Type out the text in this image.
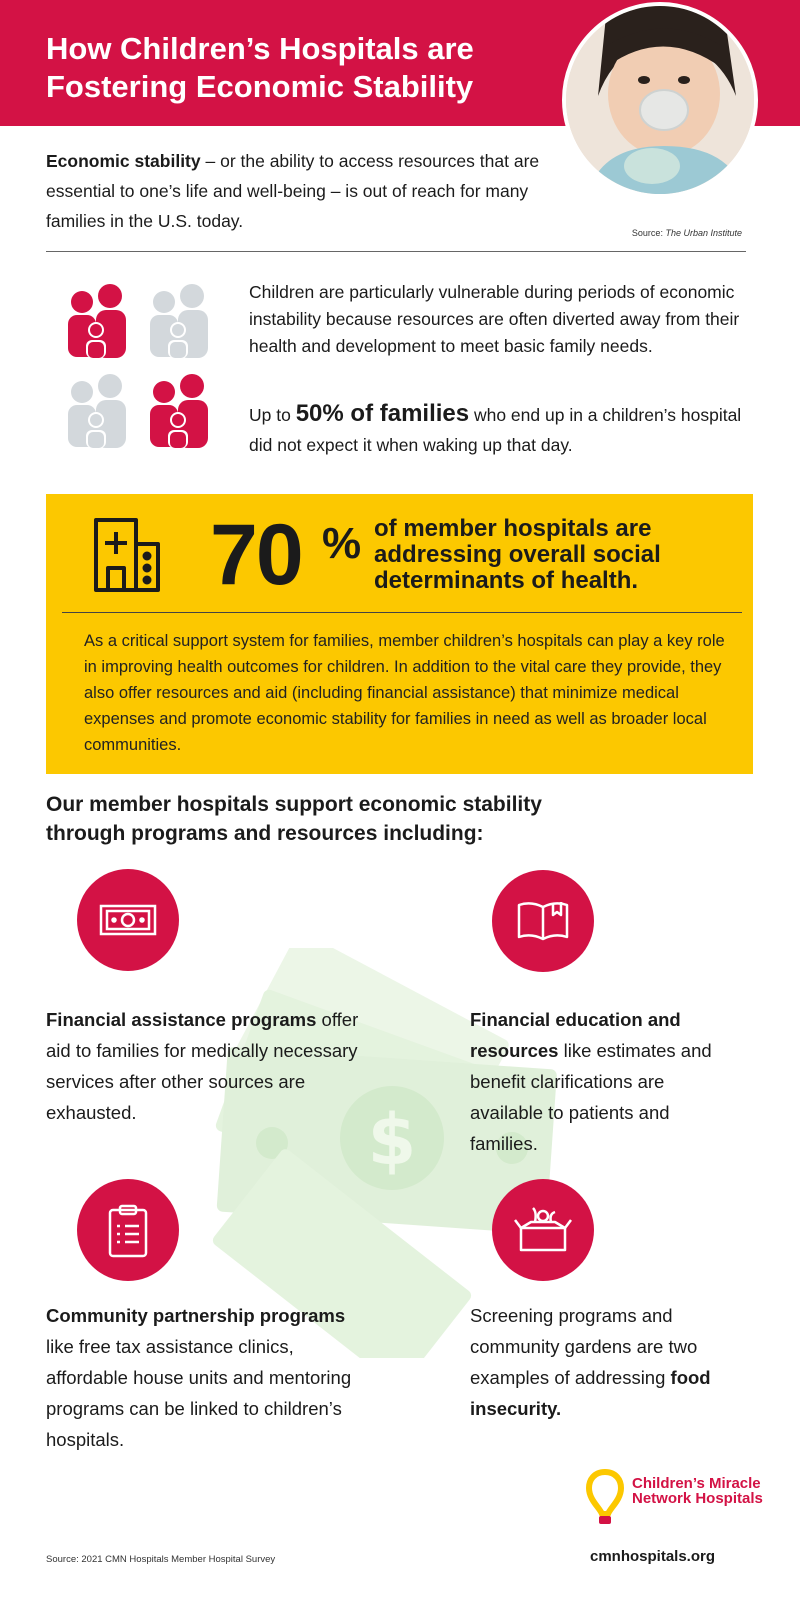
How Children’s Hospitals are Fostering Economic Stability

Economic stability – or the ability to access resources that are essential to one’s life and well-being – is out of reach for many families in the U.S. today.

Source: The Urban Institute

Children are particularly vulnerable during periods of economic instability because resources are often diverted away from their health and development to meet basic family needs.

Up to 50% of families who end up in a children’s hospital did not expect it when waking up that day.

70 % of member hospitals are addressing overall social determinants of health.

As a critical support system for families, member children’s hospitals can play a key role in improving health outcomes for children. In addition to the vital care they provide, they also offer resources and aid (including financial assistance) that minimize medical expenses and promote economic stability for families in need as well as broader local communities.

Our member hospitals support economic stability through programs and resources including:
$

Financial assistance programs offer aid to families for medically necessary services after other sources are exhausted.

Financial education and resources like estimates and benefit clarifications are available to patients and families.

Community partnership programs like free tax assistance clinics, affordable house units and mentoring programs can be linked to children’s hospitals.

Screening programs and community gardens are two examples of addressing food insecurity.

Children’s Miracle Network Hospitals
Source: 2021 CMN Hospitals Member Hospital Survey	cmnhospitals.org
